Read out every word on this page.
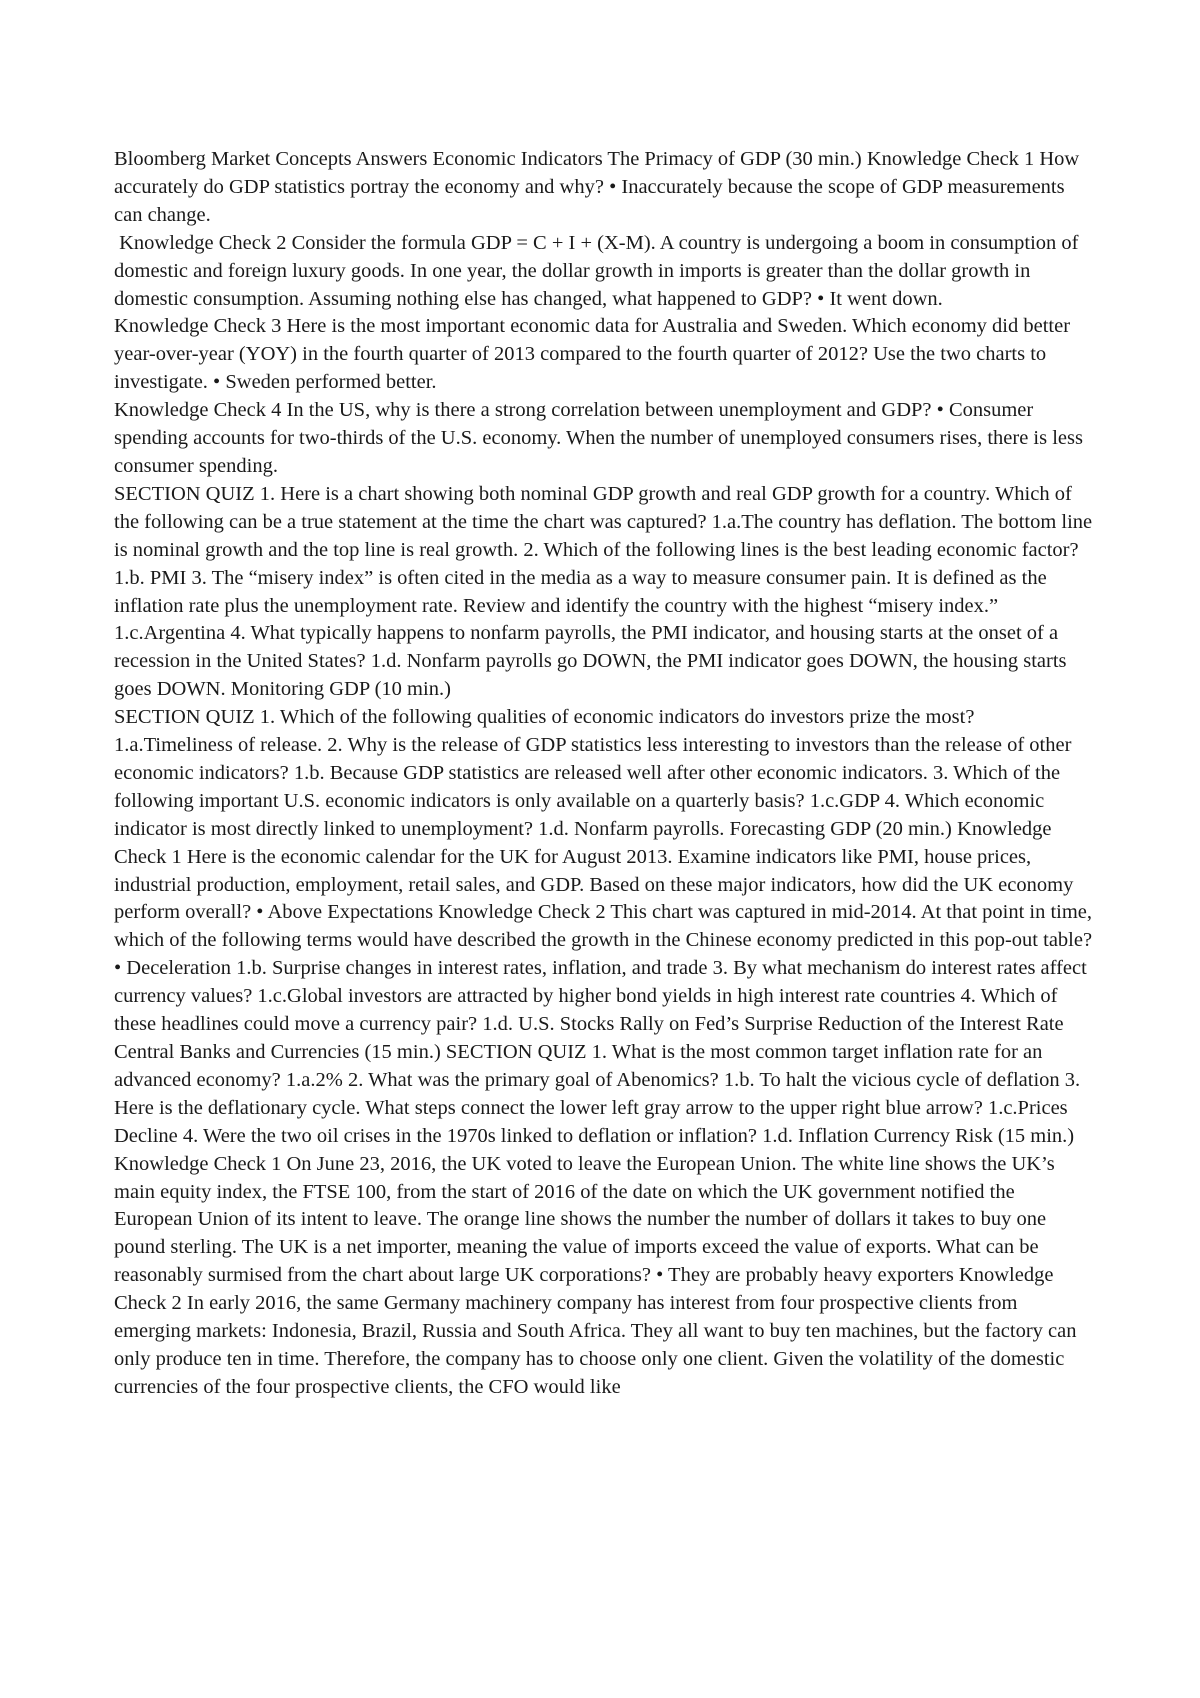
Bloomberg Market Concepts Answers Economic Indicators The Primacy of GDP (30 min.) Knowledge Check 1 How accurately do GDP statistics portray the economy and why? • Inaccurately because the scope of GDP measurements can change.

Knowledge Check 2 Consider the formula GDP = C + I + (X-M). A country is undergoing a boom in consumption of domestic and foreign luxury goods. In one year, the dollar growth in imports is greater than the dollar growth in domestic consumption. Assuming nothing else has changed, what happened to GDP? • It went down.

Knowledge Check 3 Here is the most important economic data for Australia and Sweden. Which economy did better year-over-year (YOY) in the fourth quarter of 2013 compared to the fourth quarter of 2012? Use the two charts to investigate. • Sweden performed better.

Knowledge Check 4 In the US, why is there a strong correlation between unemployment and GDP? • Consumer spending accounts for two-thirds of the U.S. economy. When the number of unemployed consumers rises, there is less consumer spending.

SECTION QUIZ 1. Here is a chart showing both nominal GDP growth and real GDP growth for a country. Which of the following can be a true statement at the time the chart was captured? 1.a.The country has deflation. The bottom line is nominal growth and the top line is real growth. 2. Which of the following lines is the best leading economic factor? 1.b. PMI 3. The “misery index” is often cited in the media as a way to measure consumer pain. It is defined as the inflation rate plus the unemployment rate. Review and identify the country with the highest “misery index.” 1.c.Argentina 4. What typically happens to nonfarm payrolls, the PMI indicator, and housing starts at the onset of a recession in the United States? 1.d. Nonfarm payrolls go DOWN, the PMI indicator goes DOWN, the housing starts goes DOWN. Monitoring GDP (10 min.)

SECTION QUIZ 1. Which of the following qualities of economic indicators do investors prize the most? 1.a.Timeliness of release. 2. Why is the release of GDP statistics less interesting to investors than the release of other economic indicators? 1.b. Because GDP statistics are released well after other economic indicators. 3. Which of the following important U.S. economic indicators is only available on a quarterly basis? 1.c.GDP 4. Which economic indicator is most directly linked to unemployment? 1.d. Nonfarm payrolls. Forecasting GDP (20 min.) Knowledge Check 1 Here is the economic calendar for the UK for August 2013. Examine indicators like PMI, house prices, industrial production, employment, retail sales, and GDP. Based on these major indicators, how did the UK economy perform overall? • Above Expectations Knowledge Check 2 This chart was captured in mid-2014. At that point in time, which of the following terms would have described the growth in the Chinese economy predicted in this pop-out table? • Deceleration 1.b. Surprise changes in interest rates, inflation, and trade 3. By what mechanism do interest rates affect currency values? 1.c.Global investors are attracted by higher bond yields in high interest rate countries 4. Which of these headlines could move a currency pair? 1.d. U.S. Stocks Rally on Fed’s Surprise Reduction of the Interest Rate Central Banks and Currencies (15 min.) SECTION QUIZ 1. What is the most common target inflation rate for an advanced economy? 1.a.2% 2. What was the primary goal of Abenomics? 1.b. To halt the vicious cycle of deflation 3. Here is the deflationary cycle. What steps connect the lower left gray arrow to the upper right blue arrow? 1.c.Prices Decline 4. Were the two oil crises in the 1970s linked to deflation or inflation? 1.d. Inflation Currency Risk (15 min.) Knowledge Check 1 On June 23, 2016, the UK voted to leave the European Union. The white line shows the UK’s main equity index, the FTSE 100, from the start of 2016 of the date on which the UK government notified the European Union of its intent to leave. The orange line shows the number the number of dollars it takes to buy one pound sterling. The UK is a net importer, meaning the value of imports exceed the value of exports. What can be reasonably surmised from the chart about large UK corporations? • They are probably heavy exporters Knowledge Check 2 In early 2016, the same Germany machinery company has interest from four prospective clients from emerging markets: Indonesia, Brazil, Russia and South Africa. They all want to buy ten machines, but the factory can only produce ten in time. Therefore, the company has to choose only one client. Given the volatility of the domestic currencies of the four prospective clients, the CFO would like
